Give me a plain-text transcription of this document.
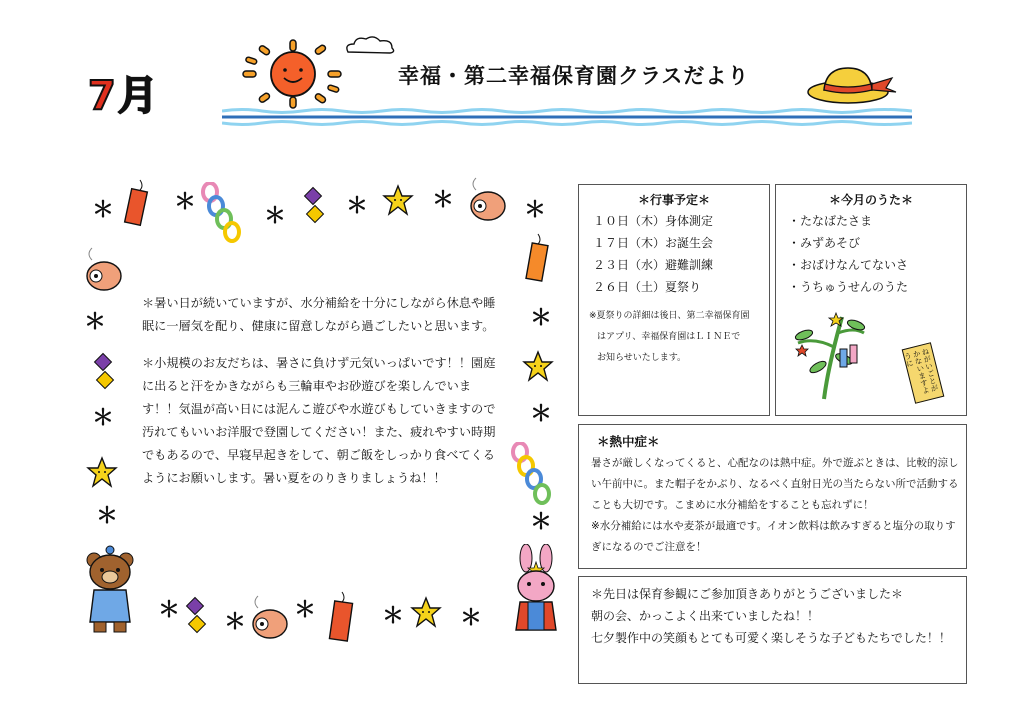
7月	幸福・第二幸福保育園クラスだより
＊	＊
＊	＊	＊	＊
＊	＊
＊	＊
＊	＊
＊ ＊ ＊	＊	＊

＊暑い日が続いていますが、水分補給を十分にしながら休息や睡眠に一層気を配り、健康に留意しながら過ごしたいと思います。

＊小規模のお友だちは、暑さに負けず元気いっぱいです！！園庭に出ると汗をかきながらも三輪車やお砂遊びを楽しんでいます！！気温が高い日には泥んこ遊びや水遊びもしていきますので汚れてもいいお洋服で登園してください！また、疲れやすい時期でもあるので、早寝早起きをして、朝ご飯をしっかり食べてくるようにお願いします。暑い夏をのりきりましょうね！！

＊行事予定＊
１０日（木）身体測定
１７日（木）お誕生会
２３日（水）避難訓練
２６日（土）夏祭り
※夏祭りの詳細は後日、第二幸福保育園
はアプリ、幸福保育園はＬＩＮＥで
お知らせいたします。
＊今月のうた＊
・たなばたさま
・みずあそび
・おばけなんてないさ
・うちゅうせんのうた
ねがいごとがかないますように
＊熱中症＊
暑さが厳しくなってくると、心配なのは熱中症。外で遊ぶときは、比較的涼しい午前中に。また帽子をかぶり、なるべく直射日光の当たらない所で活動することも大切です。こまめに水分補給をすることも忘れずに！
※水分補給には水や麦茶が最適です。イオン飲料は飲みすぎると塩分の取りすぎになるのでご注意を！
＊先日は保育参観にご参加頂きありがとうございました＊
朝の会、かっこよく出来ていましたね！！
七夕製作中の笑顔もとても可愛く楽しそうな子どもたちでした！！
